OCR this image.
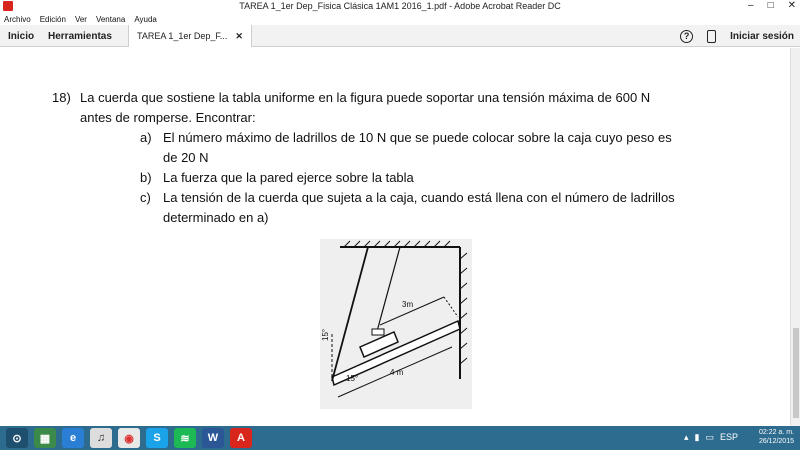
TAREA 1_1er Dep_Fisica Clásica 1AM1 2016_1.pdf - Adobe Acrobat Reader DC	– □ ✕
Archivo Edición Ver Ventana Ayuda
Inicio Herramientas	TAREA 1_1er Dep_F... ✕	?	Iniciar sesión
18) La cuerda que sostiene la tabla uniforme en la figura puede soportar una tensión máxima de 600 N
antes de romperse. Encontrar:
a) El número máximo de ladrillos de 10 N que se puede colocar sobre la caja cuyo peso es
de 20 N
b) La fuerza que la pared ejerce sobre la tabla
c) La tensión de la cuerda que sujeta a la caja, cuando está llena con el número de ladrillos
determinado en a)
3m
4 m
15°
15°
⊙	▦	e	♫	◉	S	≋	W	A	▴ ▮ ▭ ESP	02:22 a. m.
26/12/2015
